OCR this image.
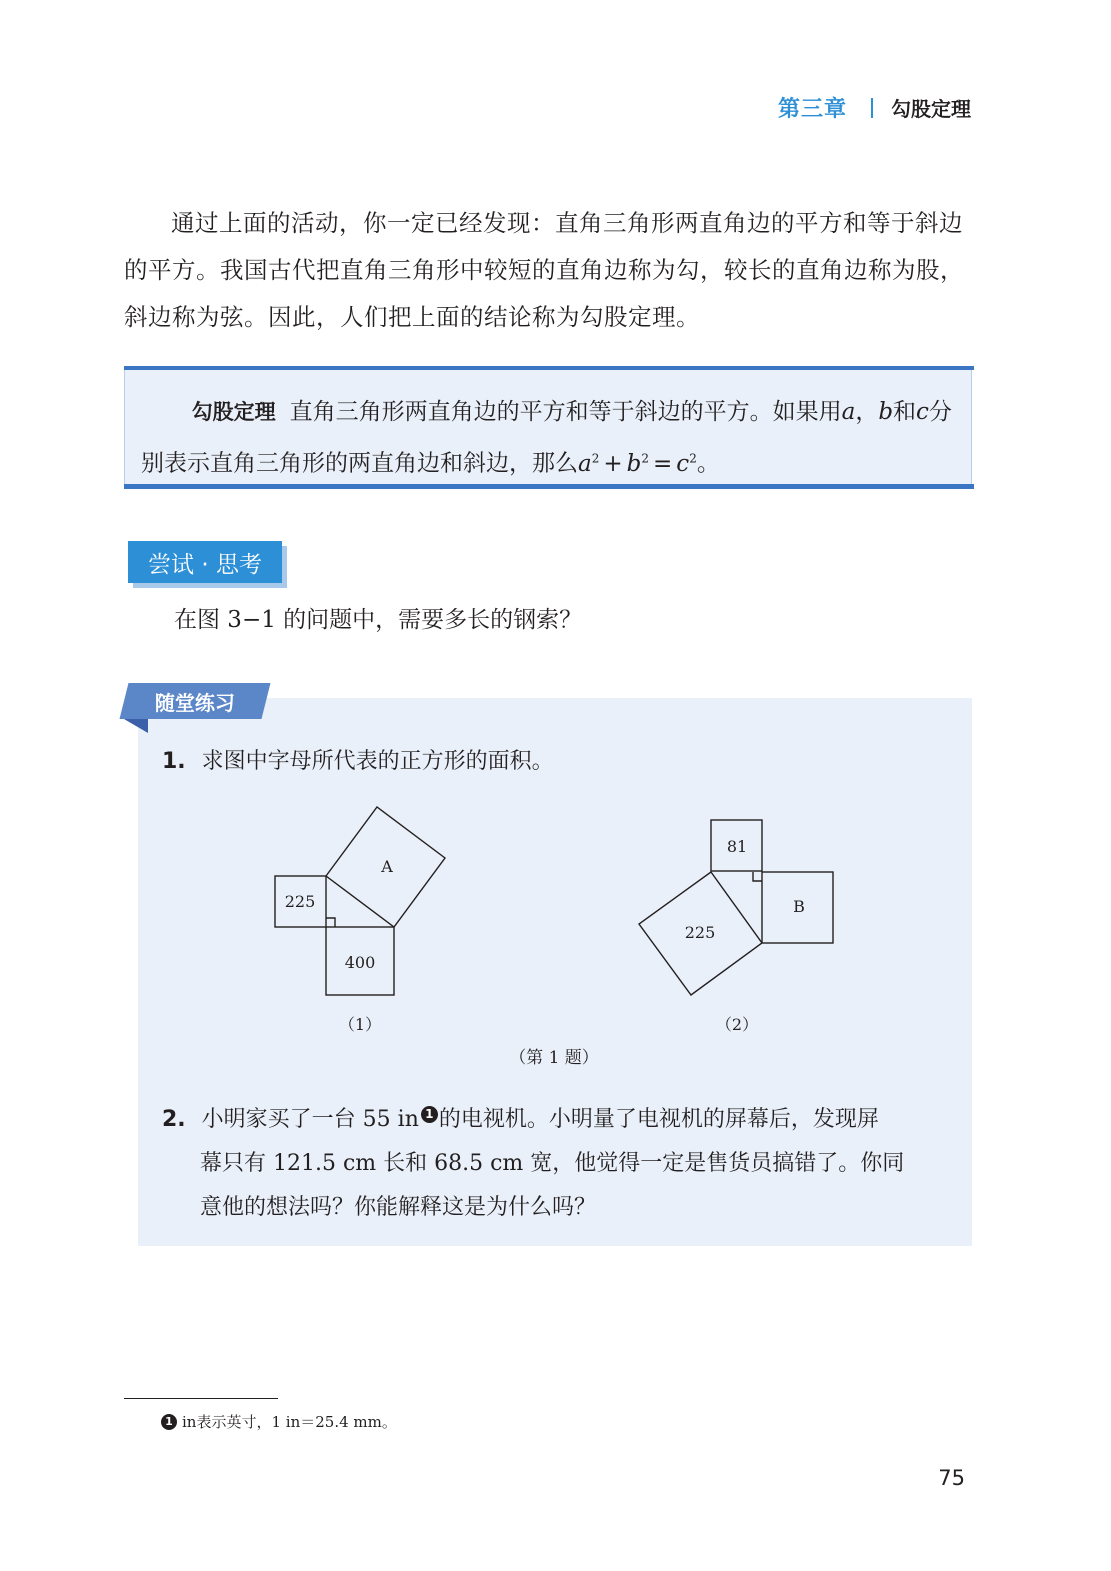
第三章 勾股定理

通过上面的活动，你一定已经发现：直角三角形两直角边的平方和等于斜边的平方。我国古代把直角三角形中较短的直角边称为勾，较长的直角边称为股，斜边称为弦。因此，人们把上面的结论称为勾股定理。

勾股定理 直角三角形两直角边的平方和等于斜边的平方。如果用a，b和c分别表示直角三角形的两直角边和斜边，那么$a^2 + b^2 = c^2$。

尝试 · 思考

在图 3−1 的问题中，需要多长的钢索？

随堂练习

1. 求图中字母所代表的正方形的面积。

225
400
A
（1）
81
225
B
（2）
（第 1 题）

2. 小明家买了一台 55 in 1 的电视机。小明量了电视机的屏幕后，发现屏
幕只有 121.5 cm 长和 68.5 cm 宽，他觉得一定是售货员搞错了。你同
意他的想法吗？你能解释这是为什么吗？

1 in表示英寸，1 in＝25.4 mm。

75
